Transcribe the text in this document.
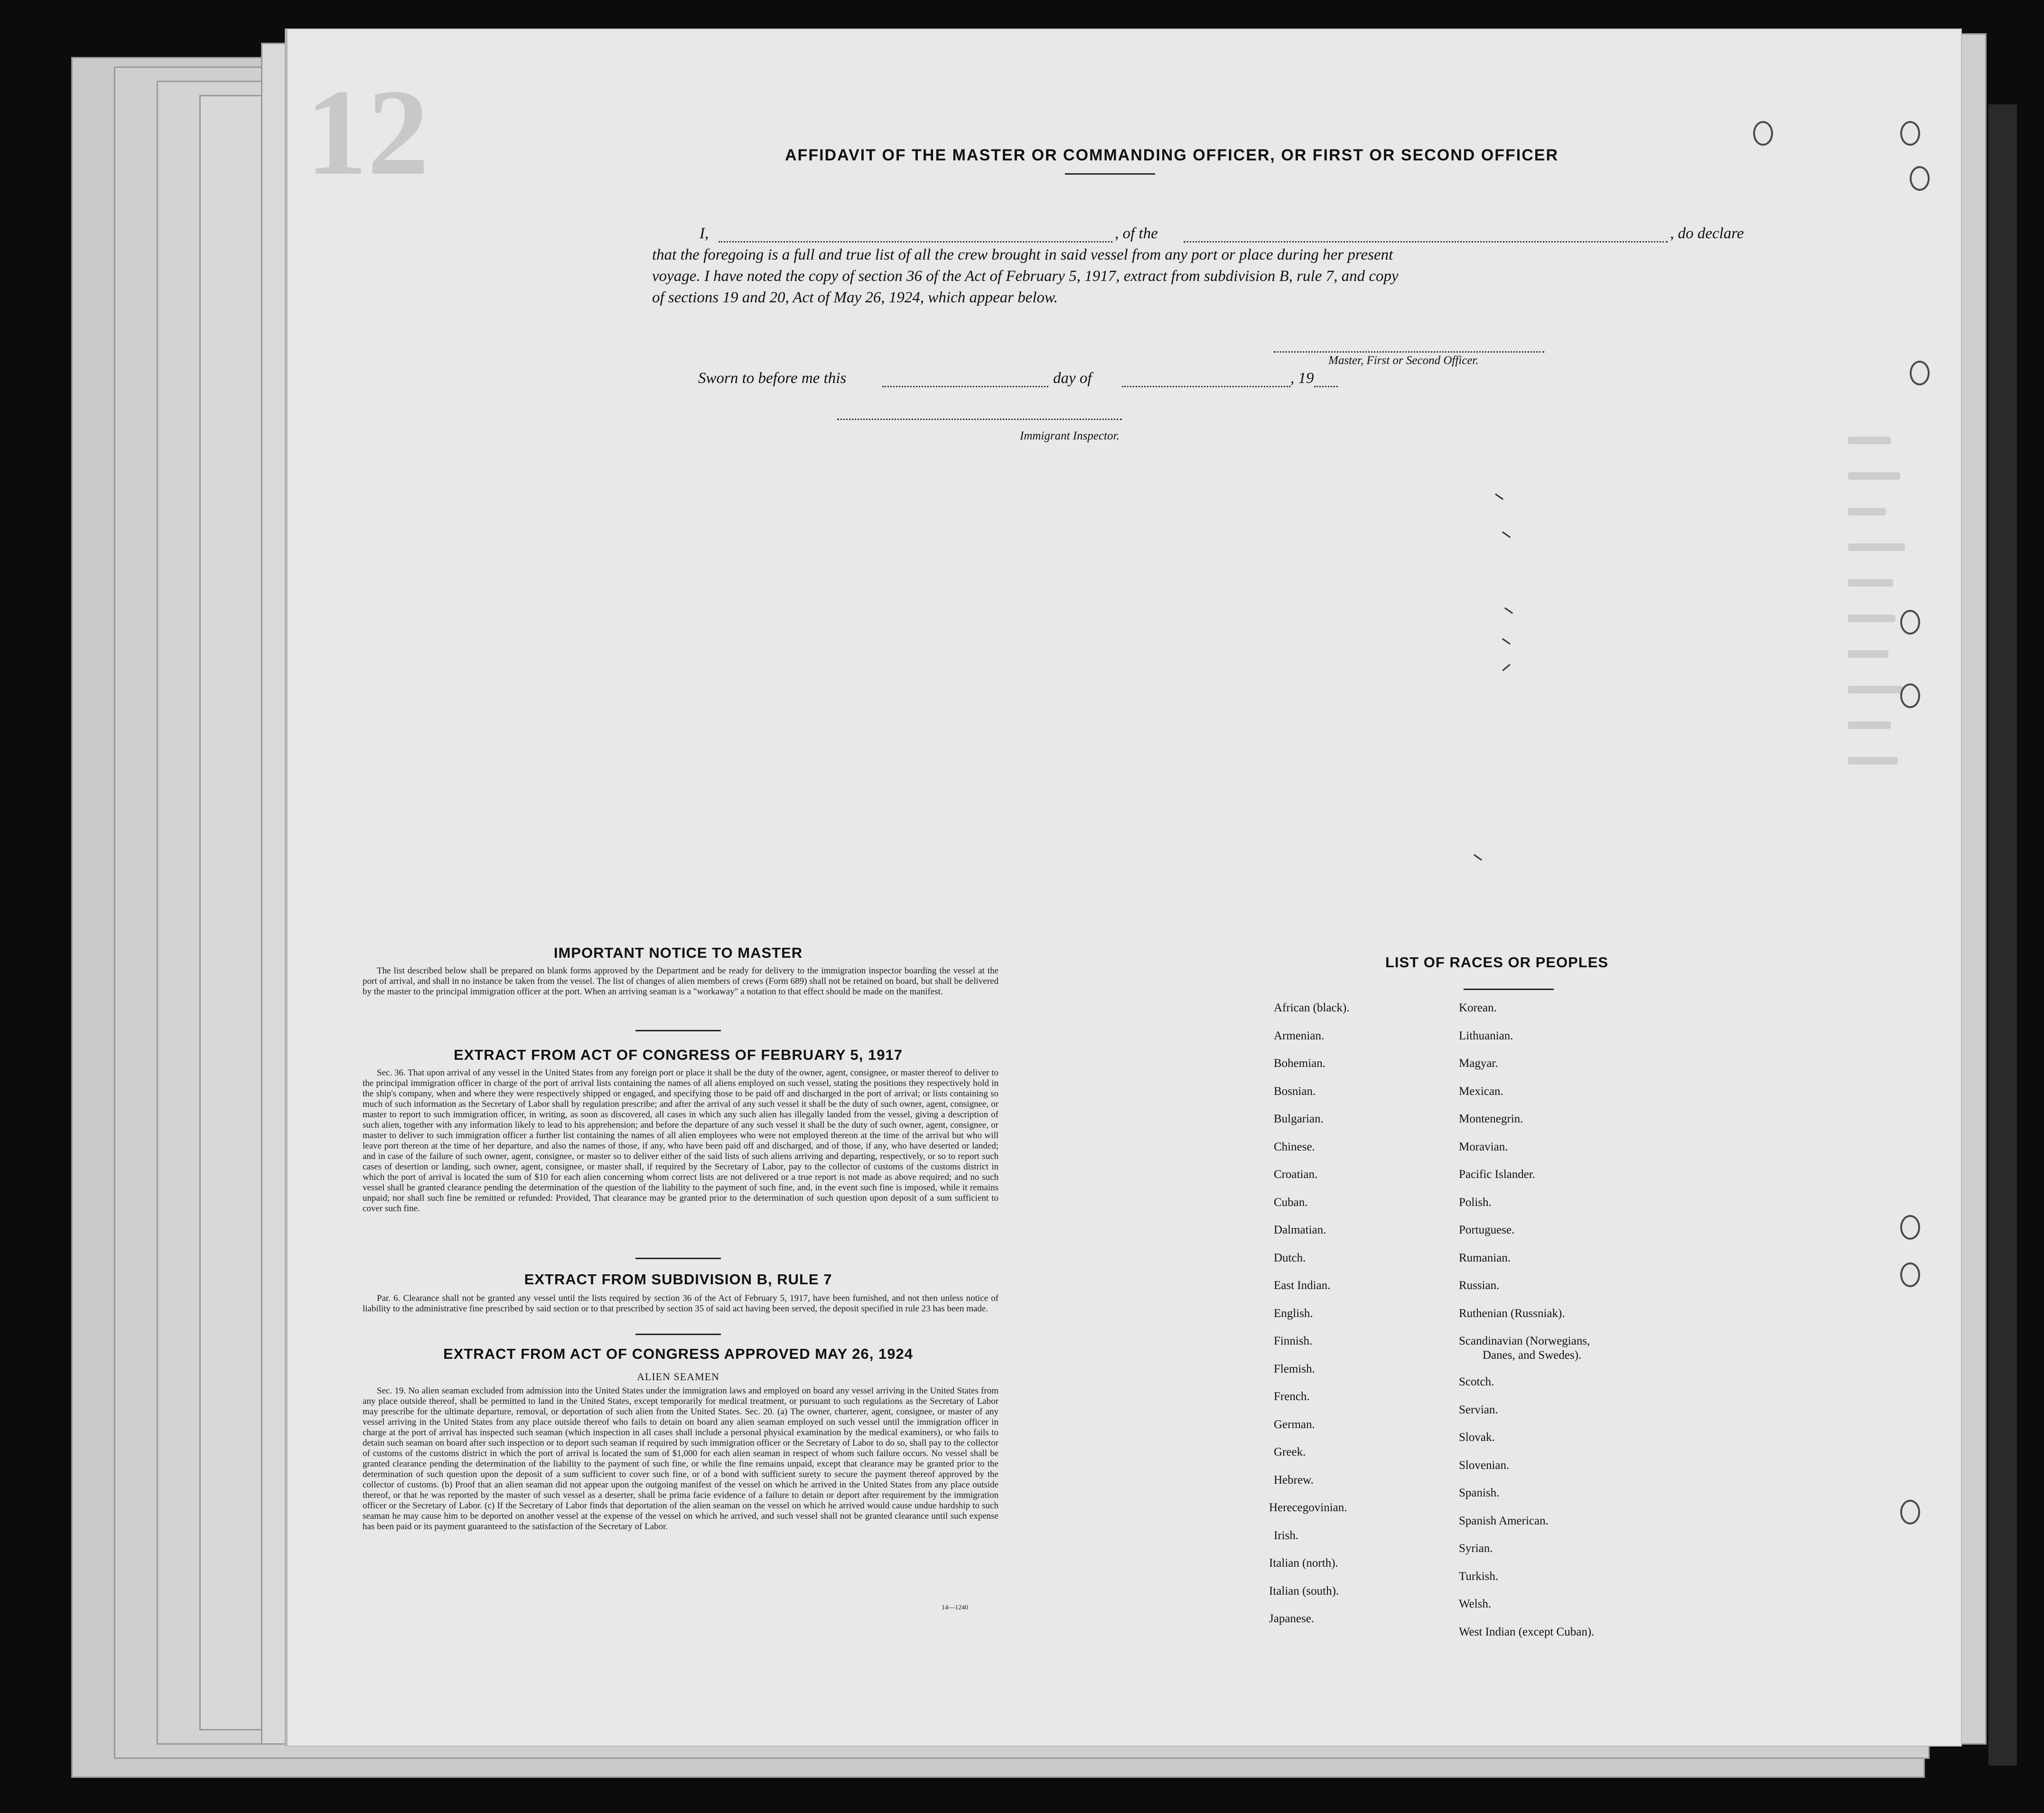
12	AFFIDAVIT OF THE MASTER OR COMMANDING OFFICER, OR FIRST OR SECOND OFFICER
I,	, of the	, do declare
that the foregoing is a full and true list of all the crew brought in said vessel from any port or place during her present
voyage. I have noted the copy of section 36 of the Act of February 5, 1917, extract from subdivision B, rule 7, and copy
of sections 19 and 20, Act of May 26, 1924, which appear below.
Master, First or Second Officer.
Sworn to before me this	day of	, 19
Immigrant Inspector.
IMPORTANT NOTICE TO MASTER
The list described below shall be prepared on blank forms approved by the Department and be ready for delivery to the immigration inspector boarding the vessel at the port of arrival, and shall in no instance be taken from the vessel. The list of changes of alien members of crews (Form 689) shall not be retained on board, but shall be delivered by the master to the principal immigration officer at the port. When an arriving seaman is a "workaway" a notation to that effect should be made on the manifest.
EXTRACT FROM ACT OF CONGRESS OF FEBRUARY 5, 1917
Sec. 36. That upon arrival of any vessel in the United States from any foreign port or place it shall be the duty of the owner, agent, consignee, or master thereof to deliver to the principal immigration officer in charge of the port of arrival lists containing the names of all aliens employed on such vessel, stating the positions they respectively hold in the ship's company, when and where they were respectively shipped or engaged, and specifying those to be paid off and discharged in the port of arrival; or lists containing so much of such information as the Secretary of Labor shall by regulation prescribe; and after the arrival of any such vessel it shall be the duty of such owner, agent, consignee, or master to report to such immigration officer, in writing, as soon as discovered, all cases in which any such alien has illegally landed from the vessel, giving a description of such alien, together with any information likely to lead to his apprehension; and before the departure of any such vessel it shall be the duty of such owner, agent, consignee, or master to deliver to such immigration officer a further list containing the names of all alien employees who were not employed thereon at the time of the arrival but who will leave port thereon at the time of her departure, and also the names of those, if any, who have been paid off and discharged, and of those, if any, who have deserted or landed; and in case of the failure of such owner, agent, consignee, or master so to deliver either of the said lists of such aliens arriving and departing, respectively, or so to report such cases of desertion or landing, such owner, agent, consignee, or master shall, if required by the Secretary of Labor, pay to the collector of customs of the customs district in which the port of arrival is located the sum of $10 for each alien concerning whom correct lists are not delivered or a true report is not made as above required; and no such vessel shall be granted clearance pending the determination of the question of the liability to the payment of such fine, and, in the event such fine is imposed, while it remains unpaid; nor shall such fine be remitted or refunded: Provided, That clearance may be granted prior to the determination of such question upon deposit of a sum sufficient to cover such fine.
EXTRACT FROM SUBDIVISION B, RULE 7
Par. 6. Clearance shall not be granted any vessel until the lists required by section 36 of the Act of February 5, 1917, have been furnished, and not then unless notice of liability to the administrative fine prescribed by said section or to that prescribed by section 35 of said act having been served, the deposit specified in rule 23 has been made.
EXTRACT FROM ACT OF CONGRESS APPROVED MAY 26, 1924
ALIEN SEAMEN
Sec. 19. No alien seaman excluded from admission into the United States under the immigration laws and employed on board any vessel arriving in the United States from any place outside thereof, shall be permitted to land in the United States, except temporarily for medical treatment, or pursuant to such regulations as the Secretary of Labor may prescribe for the ultimate departure, removal, or deportation of such alien from the United States. Sec. 20. (a) The owner, charterer, agent, consignee, or master of any vessel arriving in the United States from any place outside thereof who fails to detain on board any alien seaman employed on such vessel until the immigration officer in charge at the port of arrival has inspected such seaman (which inspection in all cases shall include a personal physical examination by the medical examiners), or who fails to detain such seaman on board after such inspection or to deport such seaman if required by such immigration officer or the Secretary of Labor to do so, shall pay to the collector of customs of the customs district in which the port of arrival is located the sum of $1,000 for each alien seaman in respect of whom such failure occurs. No vessel shall be granted clearance pending the determination of the liability to the payment of such fine, or while the fine remains unpaid, except that clearance may be granted prior to the determination of such question upon the deposit of a sum sufficient to cover such fine, or of a bond with sufficient surety to secure the payment thereof approved by the collector of customs. (b) Proof that an alien seaman did not appear upon the outgoing manifest of the vessel on which he arrived in the United States from any place outside thereof, or that he was reported by the master of such vessel as a deserter, shall be prima facie evidence of a failure to detain or deport after requirement by the immigration officer or the Secretary of Labor. (c) If the Secretary of Labor finds that deportation of the alien seaman on the vessel on which he arrived would cause undue hardship to such seaman he may cause him to be deported on another vessel at the expense of the vessel on which he arrived, and such vessel shall not be granted clearance until such expense has been paid or its payment guaranteed to the satisfaction of the Secretary of Labor.
14—1240
LIST OF RACES OR PEOPLES
African (black).
Armenian.
Bohemian.
Bosnian.
Bulgarian.
Chinese.
Croatian.
Cuban.
Dalmatian.
Dutch.
East Indian.
English.
Finnish.
Flemish.
French.
German.
Greek.
Hebrew.
Herecegovinian.
Irish.
Italian (north).
Italian (south).
Japanese.
Korean.
Lithuanian.
Magyar.
Mexican.
Montenegrin.
Moravian.
Pacific Islander.
Polish.
Portuguese.
Rumanian.
Russian.
Ruthenian (Russniak).
Scandinavian (Norwegians,
Danes, and Swedes).
Scotch.
Servian.
Slovak.
Slovenian.
Spanish.
Spanish American.
Syrian.
Turkish.
Welsh.
West Indian (except Cuban).
